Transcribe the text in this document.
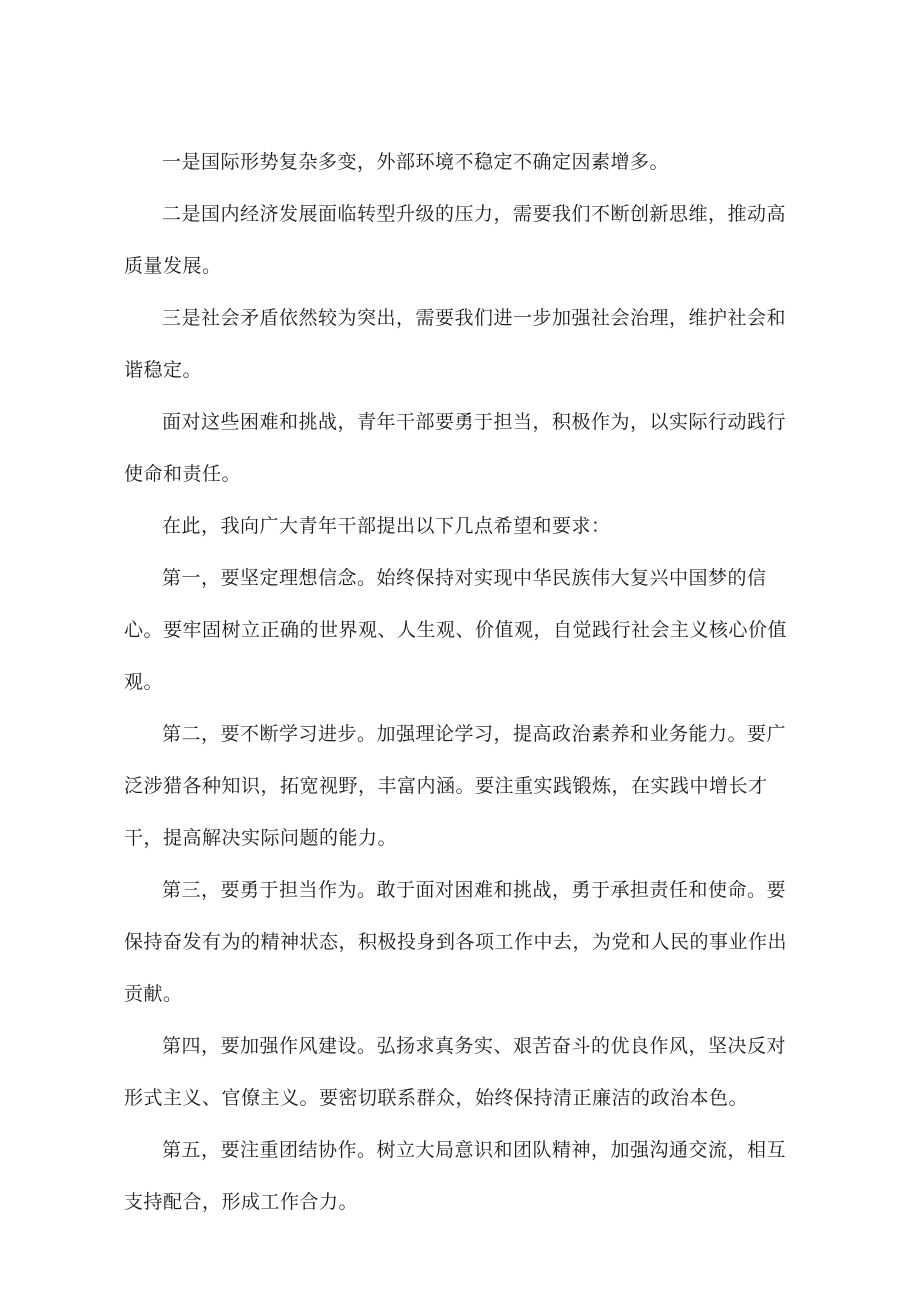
一是国际形势复杂多变，外部环境不稳定不确定因素增多。

二是国内经济发展面临转型升级的压力，需要我们不断创新思维，推动高质量发展。

三是社会矛盾依然较为突出，需要我们进一步加强社会治理，维护社会和谐稳定。

面对这些困难和挑战，青年干部要勇于担当，积极作为，以实际行动践行使命和责任。

在此，我向广大青年干部提出以下几点希望和要求：

第一，要坚定理想信念。始终保持对实现中华民族伟大复兴中国梦的信心。要牢固树立正确的世界观、人生观、价值观，自觉践行社会主义核心价值观。

第二，要不断学习进步。加强理论学习，提高政治素养和业务能力。要广泛涉猎各种知识，拓宽视野，丰富内涵。要注重实践锻炼，在实践中增长才干，提高解决实际问题的能力。

第三，要勇于担当作为。敢于面对困难和挑战，勇于承担责任和使命。要保持奋发有为的精神状态，积极投身到各项工作中去，为党和人民的事业作出贡献。

第四，要加强作风建设。弘扬求真务实、艰苦奋斗的优良作风，坚决反对形式主义、官僚主义。要密切联系群众，始终保持清正廉洁的政治本色。

第五，要注重团结协作。树立大局意识和团队精神，加强沟通交流，相互支持配合，形成工作合力。
